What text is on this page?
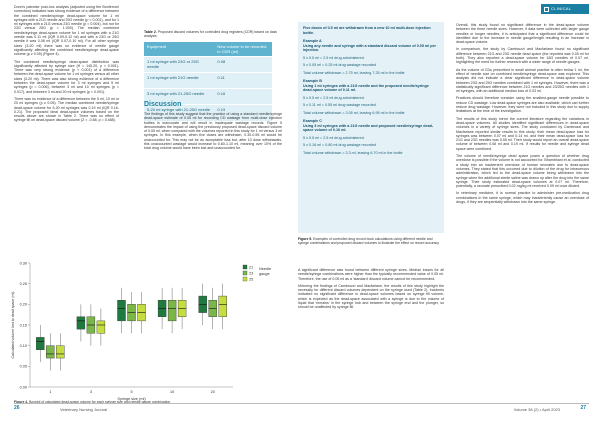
CLINICAL

Dunn's pairwise post-hoc analysis (adjusted using the Bonferroni correction) indicated was strong evidence of a difference between the combined needle/syringe dead-space volume for 1 ml syringes with a 21G needle and 25G needle (p < 0.001), and for 1 ml syringes with a 21G versus 23G needle (p = 0.004), but not for 23G versus 25G (p = 1.000). The median combined needle/syringe dead-space volume for 1 ml syringes with a 21G needle was 0.11 ml (IQR 0.09-0.12 ml) and with a 23G or 25G needle it was 0.08 ml (IQR 0.07-0.10 ml). For all other syringe sizes (3-20 ml) there was no evidence of needle gauge significantly affecting the combined needle/syringe dead-space volume (p ≥ 0.05) (Figure 4).

The combined needle/syringe dead-space distribution was significantly affected by syringe size (H = 145.20, p < 0.001). There was very strong evidence (p < 0.001) of a difference between the dead-space volume for 1 ml syringes versus all other sizes (3-20 ml). There was also strong evidence of a difference between the dead-space volume for 3 ml syringes and 5 ml syringes (p = 0.006), between 3 ml and 10 ml syringes (p = 0.017), and between 3 ml and 20 ml syringes (p < 0.001).

There was no evidence of a difference between the 5 ml, 10 ml or 20 ml syringes (p ≥ 0.05). The median combined needle/syringe dead-space volume for 5-20 ml syringes was 0.19 ml (IQR 0.16-0.21). The proposed ideal dead-space volumes based on the results above are shown in Table 2. There was no effect of syringe fill on dead-space discard volume (Z = -0.68, p = 0.488).

Table 2. Proposed discard volumes for controlled drug registers (CDR) based on data analysis
Equipment	New volume to be recorded in CDR (ml)
1 ml syringe with 23G or 25G needle	0.08
1 ml syringe with 21G needle	0.11
3 ml syringe with 21-25G needle	0.16
5-20 ml syringe with 21-25G needle	0.19
Discussion

The findings of this study suggest that the practice of using a standard needle/syringe dead-space estimate of 0.05 ml for recording CD wastage from multi-dose injection bottles is inaccurate and will result in inadequate wastage records. Figure 5 demonstrates the impact of using the previously proposed dead-space discard volume of 0.05 ml, when compared with the volumes reported in this study for 1 ml versus 3 ml syringes. In this example, when five doses are withdrawn, 0.30-0.55 ml would be unaccounted for. This may not be an acceptable loss but, after 10 dose withdrawals, this unaccounted wastage would increase to 0.60-1.10 ml, meaning over 10% of the total drug volume would have been lost and unaccounted for.

Five doses of 0.5 ml are withdrawn from a new 10 ml multi-dose injection bottle.
Example A
Using any needle and syringe with a standard discard volume of 0.05 ml per injection.
5 x 0.5 ml = 2.5 ml drug administered
5 x 0.05 ml = 0.25 ml drug wastage recorded
Total volume withdrawn = 2.75 ml, leaving 7.25 ml in the bottle
Example B
Using 1 ml syringes with a 21G needle and the proposed needle/syringe dead-space volume of 0.11 ml.
5 x 0.5 ml = 2.5 ml drug administered
5 x 0.11 ml = 0.55 ml drug wastage recorded
Total volume withdrawn = 3.05 ml, leaving 6.95 ml in the bottle
Example C
Using 3 ml syringes with a 21G needle and proposed needle/syringe dead-space volume of 0.16 ml.
5 x 0.5 ml = 2.5 ml drug administered
5 x 0.16 ml = 0.80 ml drug wastage recorded
Total volume withdrawn = 3.3 ml, leaving 6.70 ml in the bottle
Figure 5. Examples of controlled drug record book calculations using different needle and syringe combinations and proposed discard volumes to illustrate the effect on record accuracy

A significant difference was found between different syringe sizes. Median losses for all needle/syringe combinations were higher than the typically recommended value of 0.05 ml. Therefore, the use of 0.05 ml as a 'standard' discard volume cannot be recommended.

Mirroring the findings of Cambruzzi and Macfarlane, the results of this study highlight the necessity for different discard volumes dependent on the syringe used (Table 2). Incidents indicated no significant difference in dead-space volumes based on syringe fill volume, which is expected as the dead-space associated with a syringe is due to the volume of liquid that 'remains' in the syringe hub and between the syringe end and the plunger, so should be unaffected by syringe fill.

Overall, this study found no significant difference in the dead-space volume between the three needle sizes. However, if data were collected with larger gauge needles or longer needles, it is anticipated that a significant difference could be identified due to the increase in needle gauge/length resulting in an increase in dead-space volume.

In comparison, the study by Cambruzzi and Macfarlane found no significant difference between 21G and 23G needle dead space (the reported was 0.05 ml for both). They also reported a dead-space volume for 18G needles of 0.07 ml, highlighting the need for further research with a wider range of needle gauges.

As the volume of CDs prescribed in small animal practice is often below 1 ml, the effect of needle size on combined needle/syringe dead-space was explored. This analysis did not indicate a clear significant difference in dead-space volume between 23G and 25G needles combined with 1 ml syringes. However, there was a statistically significant difference between 21G needles and 23/25G needles with 1 ml syringes, with an additional median loss of 0.03 ml.

Practices should therefore consider using the smallest-gauge needle possible to reduce CD wastage. Low dead-space syringes are also available, which can further reduce drug wastage. However, they were not included in this study due to supply limitations at the time of the investigation.

The results of this study mirror the current literature regarding the variations in dead-space volumes. All studies identified significant differences in dead-space volumes in a variety of syringe sizes. The study conducted by Cambruzzi and Macfarlane reported similar results to this study: their mean dead-space loss for syringes was between 0.07 ml and 0.14 ml, and their mean dead-space loss for 21G and 23G needles was 0.05 ml. Their study would report an overall dead-space volume of between 0.08 ml and 0.19 ml. If results for needle and syringe dead space were combined.

The volume of needle/syringe dead space poses a question of whether drug overdose is possible if the volume is not accounted for. Bhambhani et al. conducted a study into an inadvertent overdose of human neonates due to dead-space volumes. They stated that this occurred due to dilution of the drug for intravenous administration, which led to the dead-space volume being withdrawn into the syringe when the additional sterile saline was drawn up after the drug into the same syringe. Their study estimated dead-space volumes at 0.07 ml. Therefore, potentially, a neonate prescribed 0.02 mg/kg ml received 0.09 ml once diluted.

In veterinary medicine, it is normal practice to administer pre-medication drug combinations in the same syringe, which may inadvertently cause an overdose of drugs, if they are sequentially withdrawn into the same syringe.

0.00
0.05
0.10
0.15
0.20
0.25
0.30
Calculated volume lost to dead space (ml)
1	3	5	10	20
Syringe size (ml)
21
23
25
Needle
gauge
Figure 4. Boxplot of calculated dead-space volume for each syringe size and needle gauge combination
26	Veterinary Nursing Journal	Volume 38 (2) • April 2023	27
